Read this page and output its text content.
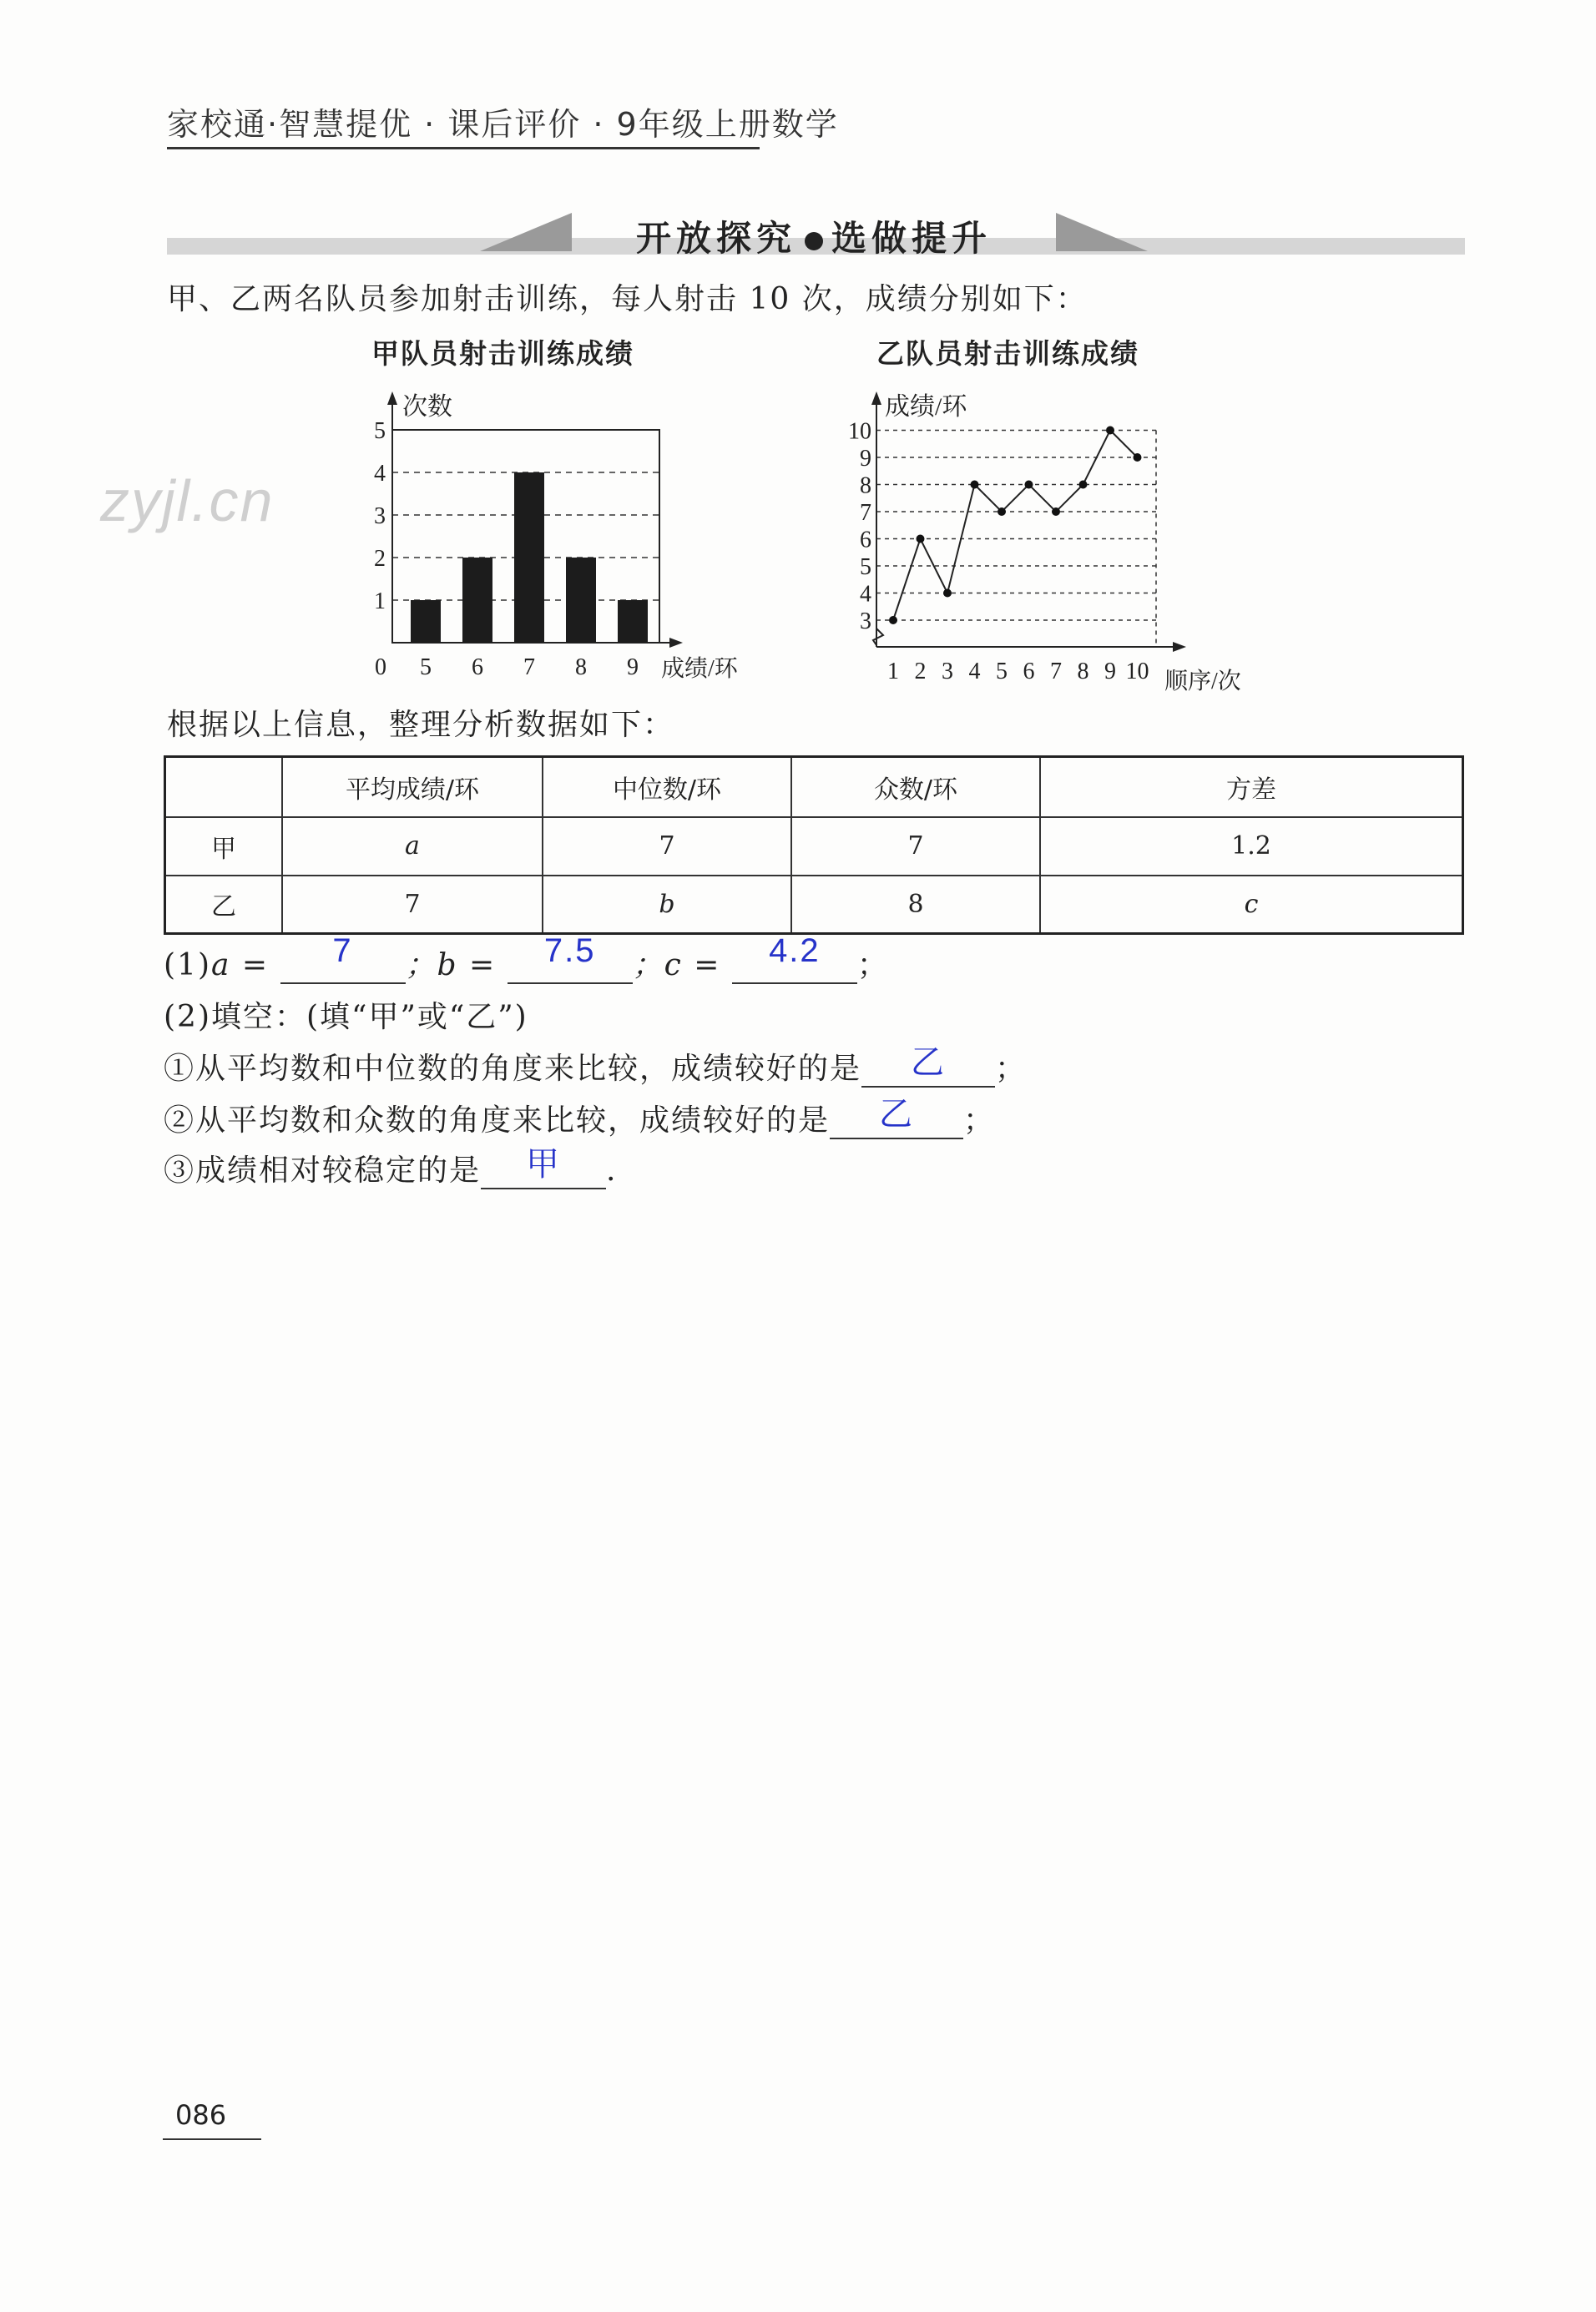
家校通·智慧提优 · 课后评价 · 9年级上册数学
开放探究 选做提升
甲、乙两名队员参加射击训练，每人射击 10 次，成绩分别如下：
zyjl.cn
甲队员射击训练成绩	乙队员射击训练成绩
1
2
3
4
5
次数
成绩/环
0 5 6 7 8 9
3
4
5
6
7
8
9
10
成绩/环
顺序/次
1 2 3 4 5 6 7 8 9 10
根据以上信息，整理分析数据如下：
	平均成绩/环	中位数/环	众数/环	方差
甲	a	7	7	1.2
乙	7	b	8	c
(1)a =	7	；b =	7.5	；c =	4.2	；
(2)填空：(填“甲”或“乙”)
①从平均数和中位数的角度来比较，成绩较好的是	乙	；
②从平均数和众数的角度来比较，成绩较好的是	乙	；
③成绩相对较稳定的是	甲	.
086
